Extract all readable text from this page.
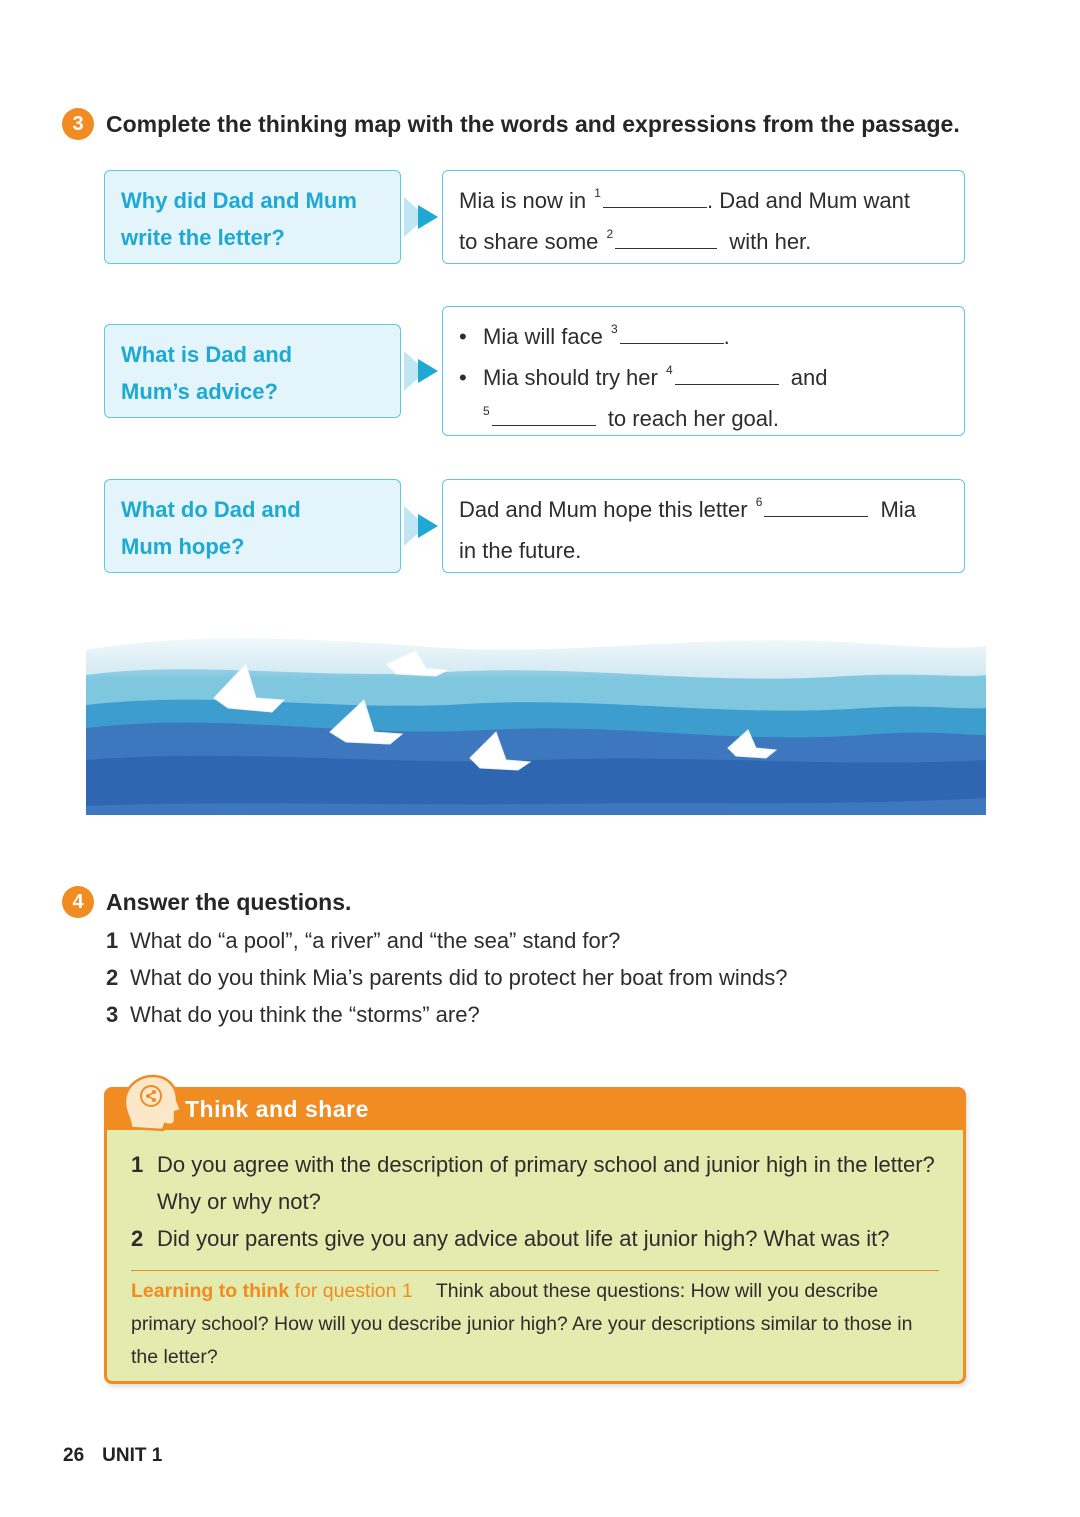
3 Complete the thinking map with the words and expressions from the passage.
Why did Dad and Mum
write the letter?
Mia is now in $^1$	. Dad and Mum want
to share some $^2$	with her.
What is Dad and
Mum’s advice?
• Mia will face $^3$	.
• Mia should try her $^4$	and
$^5$	to reach her goal.
What do Dad and
Mum hope?
Dad and Mum hope this letter $^6$	Mia
in the future.
4 Answer the questions.
1 What do “a pool”, “a river” and “the sea” stand for?
2 What do you think Mia’s parents did to protect her boat from winds?
3 What do you think the “storms” are?
Think and share
1 Do you agree with the description of primary school and junior high in the letter? Why or why not?
2 Did your parents give you any advice about life at junior high? What was it?
Learning to think for question 1 Think about these questions: How will you describe primary school? How will you describe junior high? Are your descriptions similar to those in the letter?
26 UNIT 1
